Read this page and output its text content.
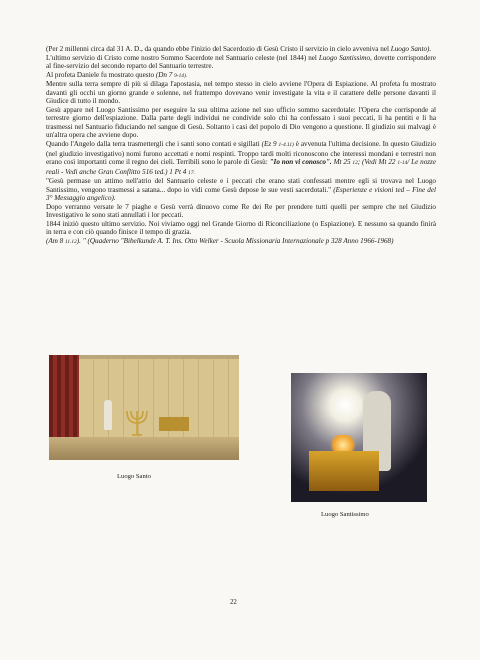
(Per 2 millenni circa dal 31 A. D., da quando ebbe l'inizio del Sacerdozio di Gesù Cristo il servizio in cielo avveniva nel Luogo Santo).

L'ultimo servizio di Cristo come nostro Sommo Sacerdote nel Santuario celeste (nel 1844) nel Luogo Santissimo, dovette corrispondere al fine-servizio del secondo reparto del Santuario terrestre.

Al profeta Daniele fu mostrato questo (Dn 7 9-14).

Mentre sulla terra sempre di più si dilaga l'apostasia, nel tempo stesso in cielo avviene l'Opera di Espiazione. Al profeta fu mostrato davanti gli occhi un giorno grande e solenne, nel frattempo dovevano venir investigate la vita e il carattere delle persone davanti il Giudice di tutto il mondo.

Gesù appare nel Luogo Santissimo per eseguire la sua ultima azione nel suo ufficio sommo sacerdotale: l'Opera che corrisponde al terrestre giorno dell'espiazione. Dalla parte degli individui ne condivide solo chi ha confessato i suoi peccati, li ha pentiti e li ha trasmessi nel Santuario fiduciando nel sangue di Gesù. Soltanto i casi del popolo di Dio vengono a questione. Il giudizio sui malvagi è un'altra opera che avviene dopo.

Quando l'Angelo dalla terra trasmettergli che i santi sono contati e sigillati (Ez 9 1-4.11) è avvenuta l'ultima decisione. In questo Giudizio (nel giudizio investigativo) nomi furono accettati e nomi respinti. Troppo tardi molti riconoscono che interessi mondani e terrestri non erano così importanti come il regno dei cieli. Terribili sono le parole di Gesù: "Io non vi conosco". Mt 25 12; (Vedi Mt 22 1-14/ Le nozze reali - Vedi anche Gran Conflitto 516 ted.) 1 Pt 4 17.

"Gesù permase un attimo nell'atrio del Santuario celeste e i peccati che erano stati confessati mentre egli si trovava nel Luogo Santissimo, vengono trasmessi a satana... dopo io vidi come Gesù depose le sue vesti sacerdotali." (Esperienze e visioni ted – Fine del 3° Messaggio angelico).

Dopo verranno versate le 7 piaghe e Gesù verrà dinuovo come Re dei Re per prendere tutti quelli per sempre che nel Giudizio Investigativo le sono stati annullati i lor peccati.

1844 iniziò questo ultimo servizio. Noi viviamo oggi nel Grande Giorno di Riconciliazione (o Espiazione). E nessuno sa quando finirà in terra e con ciò quando finisce il tempo di grazia.

(Am 8 11.12). " (Quaderno "Bibelkunde A. T. Ins. Otto Welker - Scuola Missionaria Internazionale p 328 Anno 1966-1968)

Luogo Santo
Luogo Santissimo
22
